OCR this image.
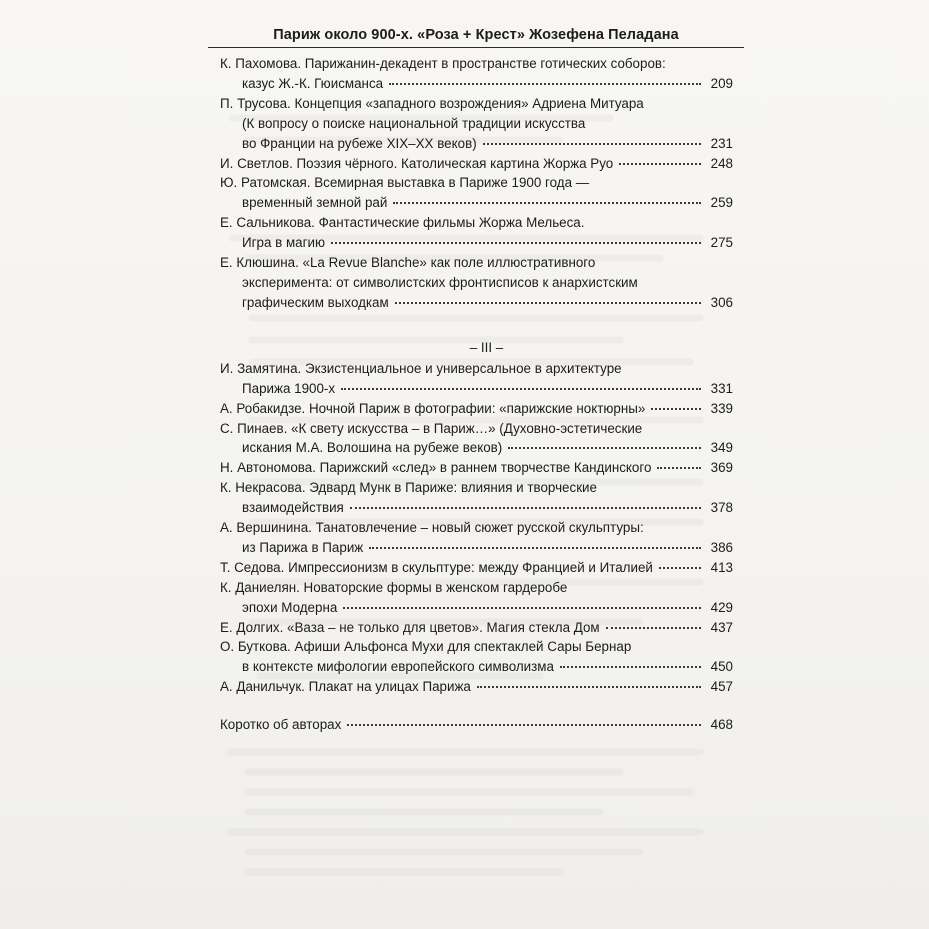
Париж около 900-х. «Роза + Крест» Жозефена Пеладана
К. Пахомова. Парижанин-декадент в пространстве готических соборов:
казус Ж.-К. Гюисманса	209
П. Трусова. Концепция «западного возрождения» Адриена Митуара
(К вопросу о поиске национальной традиции искусства
во Франции на рубеже XIX–XX веков)	231
И. Светлов. Поэзия чёрного. Католическая картина Жоржа Руо	248
Ю. Ратомская. Всемирная выставка в Париже 1900 года —
временный земной рай	259
Е. Сальникова. Фантастические фильмы Жоржа Мельеса.
Игра в магию	275
Е. Клюшина. «La Revue Blanche» как поле иллюстративного
эксперимента: от символистских фронтисписов к анархистским
графическим выходкам	306
– III –
И. Замятина. Экзистенциальное и универсальное в архитектуре
Парижа 1900-х	331
А. Робакидзе. Ночной Париж в фотографии: «парижские ноктюрны»	339
С. Пинаев. «К свету искусства – в Париж…» (Духовно-эстетические
искания М.А. Волошина на рубеже веков)	349
Н. Автономова. Парижский «след» в раннем творчестве Кандинского	369
К. Некрасова. Эдвард Мунк в Париже: влияния и творческие
взаимодействия	378
А. Вершинина. Танатовлечение – новый сюжет русской скульптуры:
из Парижа в Париж	386
Т. Седова. Импрессионизм в скульптуре: между Францией и Италией	413
К. Даниелян. Новаторские формы в женском гардеробе
эпохи Модерна	429
Е. Долгих. «Ваза – не только для цветов». Магия стекла Дом	437
О. Буткова. Афиши Альфонса Мухи для спектаклей Сары Бернар
в контексте мифологии европейского символизма	450
А. Данильчук. Плакат на улицах Парижа	457
Коротко об авторах	468
